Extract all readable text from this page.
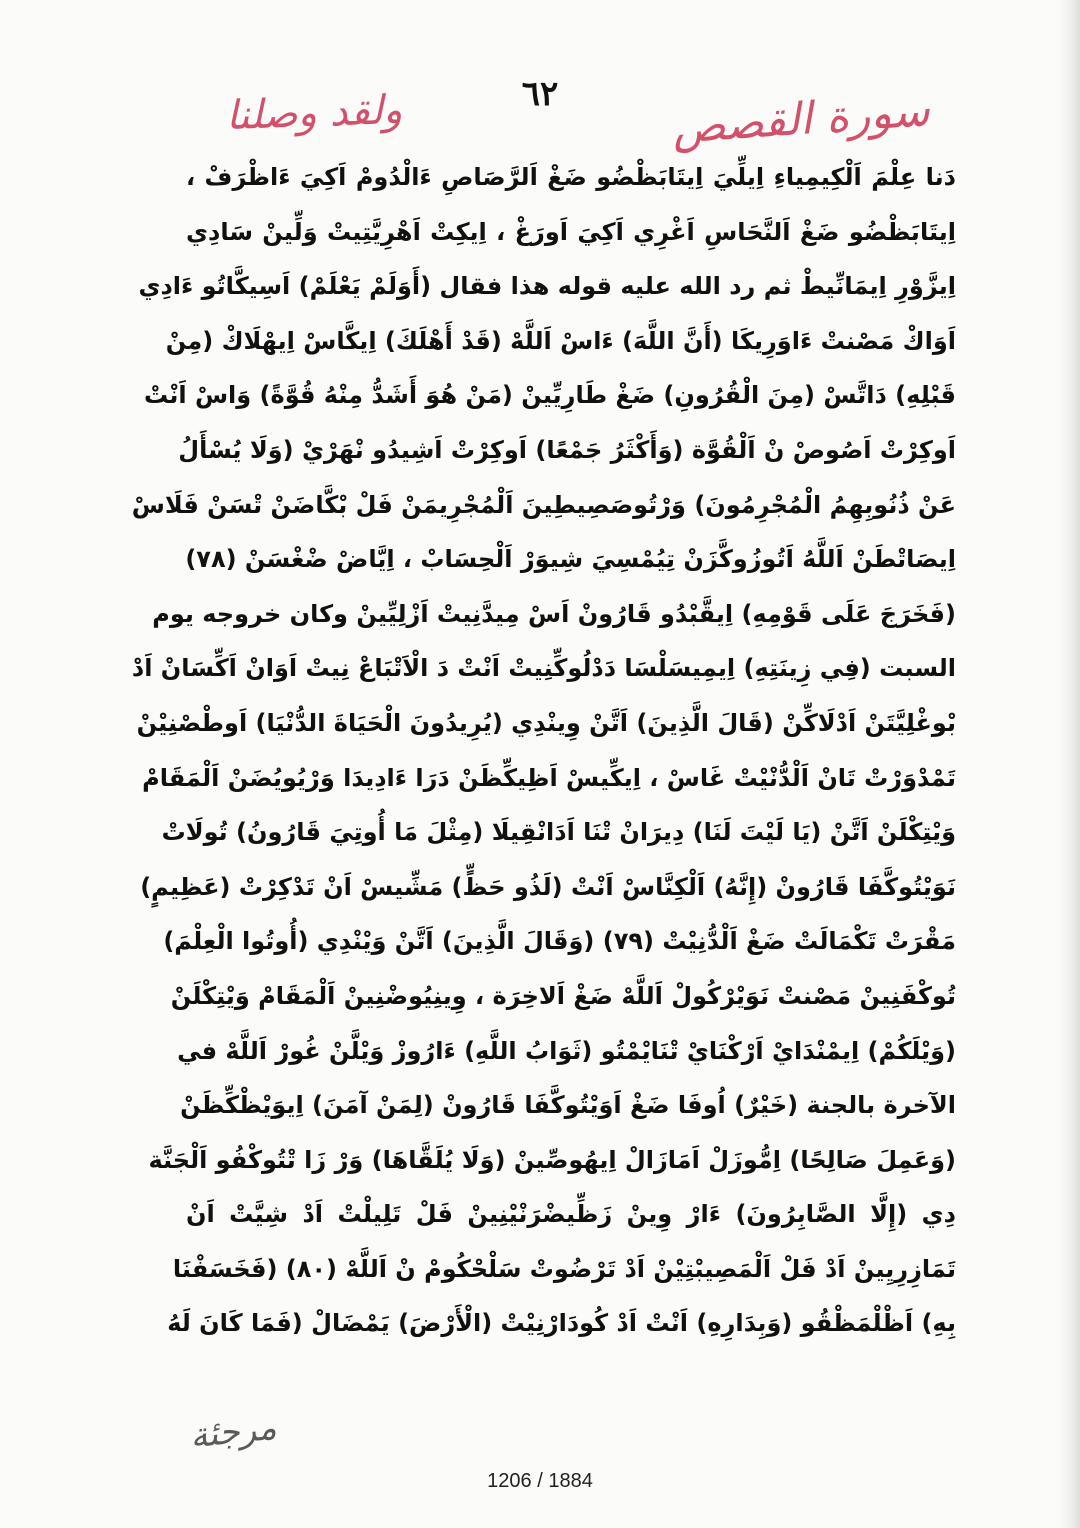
٦٢	سورة القصص
ولقد وصلنا
دَنا عِلْمَ اَلْكِيمِياءِ اِيلِّيَ اِيتَابَظْضُو ضَغْ اَلرَّصَاصِ ءَالْدُومْ اَكِيَ ءَاظْرَفْ ،
اِيتَابَظْضُو ضَغْ اَلنَّحَاسِ اَغْرِي اَكِيَ اَورَغْ ، اِيكِتْ اَهْرِيَّتِيتْ وَلِّينْ سَادِي
اِيزَّوْرِ اِيمَانِّيطْ ثم رد الله عليه قوله هذا فقال (أَوَلَمْ يَعْلَمْ) اَسِيكَّاتُو ءَادِي
اَوَاكْ مَصْنتْ ءَاوَرِيكَا (أَنَّ اللَّهَ) ءَاسْ اَللَّهْ (قَدْ أَهْلَكَ) اِيكَّاسْ اِيهْلَاكْ (مِنْ
قَبْلِهِ) دَاتَّسْ (مِنَ الْقُرُونِ) ضَغْ طَارِيِّينْ (مَنْ هُوَ أَشَدُّ مِنْهُ قُوَّةً) وَاسْ اَنْتْ
اَوكِرْتْ اَصُوصْ نْ اَلْقُوَّة (وَأَكْثَرُ جَمْعًا) اَوكِرْتْ اَشِيدُو نْهَرْيْ (وَلَا يُسْأَلُ
عَنْ ذُنُوبِهِمُ الْمُجْرِمُونَ) وَرْتُوصَصِيطِينَ اَلْمُجْرِيمَنْ فَلْ بْكَّاضَنْ تْسَنْ فَلَاسْ
اِيصَاتْطَنْ اَللَّهُ اَتُوزُوكَّزَنْ تِيُمْسِيَ شِيوَرْ اَلْحِسَابْ ، اِيَّاضْ ضْغْسَنْ (٧٨)
(فَخَرَجَ عَلَى قَوْمِهِ) اِيقَّبْدُو قَارُونْ اَسْ مِيدَّنِيتْ اَزْلِيِّينْ وكان خروجه يوم
السبت (فِي زِينَتِهِ) اِيمِيسَلْسَا دَدْلُوكِّنِيتْ اَنْتْ دَ الْاَتْبَاعْ نِيتْ اَوَانْ اَكِّسَانْ اَدْ
بْوغْلِيَّتَنْ اَدْلَاكِّنْ (قَالَ الَّذِينَ) اَتَّنْ وِينْدِي (يُرِيدُونَ الْحَيَاةَ الدُّنْيَا) اَوطْصْنِيْنْ
تَمْدْوَرْتْ تَانْ اَلْدُّنْيْتْ غَاسْ ، اِيكِّيسْ اَظِيكِّظَنْ دَرَا ءَادِيدَا وَرْيُويُضَنْ اَلْمَقَامْ
وَيْتِكْلَنْ اَتَّنْ (يَا لَيْتَ لَنَا) دِيرَانْ تْنَا اَدَانْقِيلَا (مِثْلَ مَا أُوتِيَ قَارُونُ) تُولَاتْ
نَوَيْتُوكَّفَا قَارُونْ (إِنَّهُ) اَلْكِنَّاسْ اَنْتْ (لَذُو حَظٍّ) مَشِّيسْ اَنْ تَدْكِرْتْ (عَظِيمٍ)
مَقْرَتْ تَكْمَالَتْ ضَغْ اَلْدُّنِيْتْ (٧٩) (وَقَالَ الَّذِينَ) اَتَّنْ وَيْنْدِي (أُوتُوا الْعِلْمَ)
تُوكْفَنِينْ مَصْنتْ نَوَيْرْكُولْ اَللَّهْ ضَغْ اَلاخِرَة ، وِينِيُوضْنِينْ اَلْمَقَامْ وَيْتِكْلَنْ
(وَيْلَكُمْ) اِيمْنْدَايْ اَرْكْنَايْ تْنَايْمْتُو (ثَوَابُ اللَّهِ) ءَارُوزْ وَيْلَّنْ غُورْ اَللَّهْ في
الآخرة بالجنة (خَيْرٌ) اُوفَا ضَغْ اَوَيْتُوكَّفَا قَارُونْ (لِمَنْ آمَنَ) اِيوَيْظْكِّظَنْ
(وَعَمِلَ صَالِحًا) اِمُّوزَلْ اَمَازَالْ اِيهُوصِّينْ (وَلَا يُلَقَّاهَا) وَرْ زَا تْتُوكْفُو اَلْجَنَّة
دِي (إِلَّا الصَّابِرُونَ) ءَارْ وِينْ زَظِّيضْرَنْيْنِينْ فَلْ تَلِيلْتْ اَدْ شِيَّتْ اَنْ
تَمَازِرِيِينْ اَدْ فَلْ اَلْمَصِيبْتِيْنْ اَدْ تَرْضُوتْ سَلْحْكُومْ نْ اَللَّهْ (٨٠) (فَخَسَفْنَا
بِهِ) اَظْلْمَظْقُو (وَبِدَارِهِ) اَنْتْ اَدْ كُودَارْنِيْتْ (الْأَرْضَ) يَمْضَالْ (فَمَا كَانَ لَهُ
مرجئة
1206 / 1884
